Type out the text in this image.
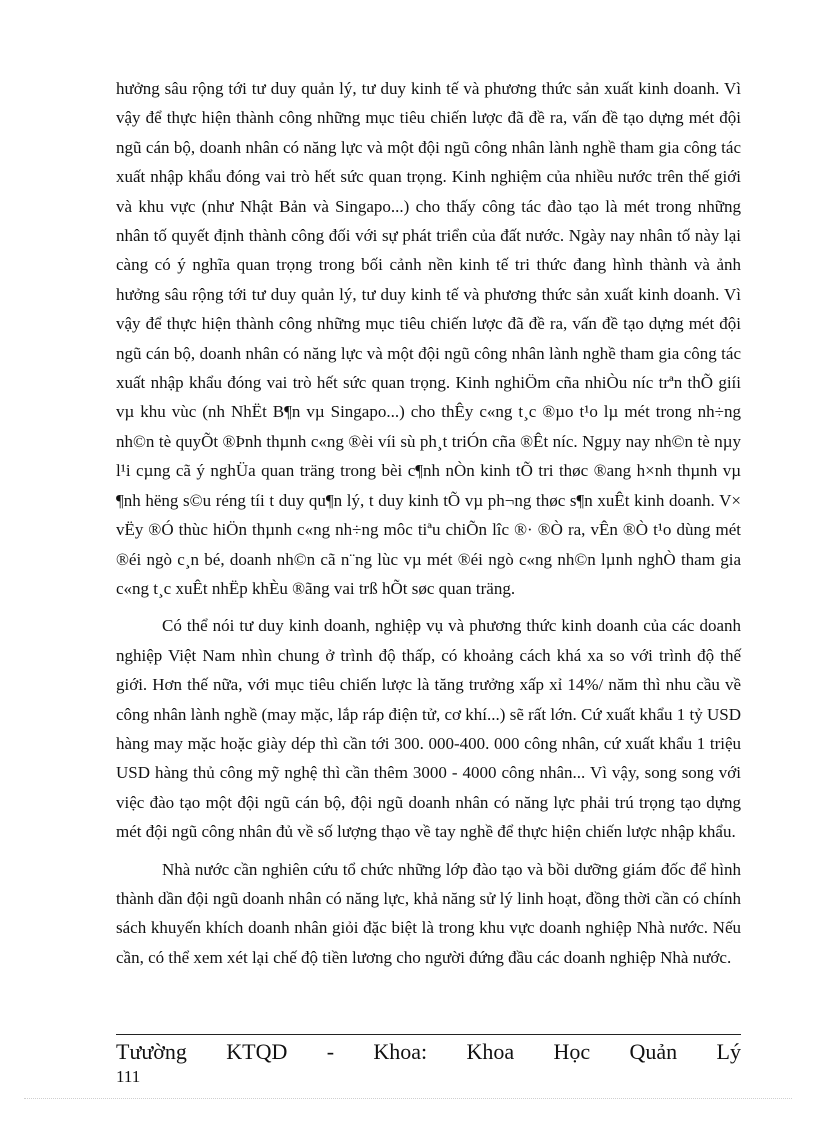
hưởng sâu rộng tới tư duy quản lý, tư duy kinh tế và phương thức sản xuất kinh doanh. Vì vậy để thực hiện thành công những mục tiêu chiến lược đã đề ra, vấn đề tạo dựng mét đội ngũ cán bộ, doanh nhân có năng lực và một đội ngũ công nhân lành nghề tham gia công tác xuất nhập khẩu đóng vai trò hết sức quan trọng. Kinh nghiệm của nhiều nước trên thế giới và khu vực (như Nhật Bản và Singapo...) cho thấy công tác đào tạo là mét trong những nhân tố quyết định thành công đối với sự phát triển của đất nước. Ngày nay nhân tố này lại càng có ý nghĩa quan trọng trong bối cảnh nền kinh tế tri thức đang hình thành và ảnh hưởng sâu rộng tới tư duy quản lý, tư duy kinh tế và phương thức sản xuất kinh doanh. Vì vậy để thực hiện thành công những mục tiêu chiến lược đã đề ra, vấn đề tạo dựng mét đội ngũ cán bộ, doanh nhân có năng lực và một đội ngũ công nhân lành nghề tham gia công tác xuất nhập khẩu đóng vai trò hết sức quan trọng. Kinh nghiÖm cña nhiÒu níc trªn thÕ giíi vµ khu vùc (nh NhËt B¶n vµ Singapo...) cho thÊy c«ng t¸c ®µo t¹o lµ mét trong nh÷ng nh©n tè quyÕt ®Þnh thµnh c«ng ®èi víi sù ph¸t triÓn cña ®Êt níc. Ngµy nay nh©n tè nµy l¹i cµng cã ý nghÜa quan träng trong bèi c¶nh nÒn kinh tÕ tri thøc ®ang h×nh thµnh vµ ¶nh hëng s©u réng tíi t duy qu¶n lý, t duy kinh tÕ vµ ph¬ng thøc s¶n xuÊt kinh doanh. V× vËy ®Ó thùc hiÖn thµnh c«ng nh÷ng môc tiªu chiÕn lîc ®· ®Ò ra, vÊn ®Ò t¹o dùng mét ®éi ngò c¸n bé, doanh nh©n cã n¨ng lùc vµ mét ®éi ngò c«ng nh©n lµnh nghÒ tham gia c«ng t¸c xuÊt nhËp khÈu ®ãng vai trß hÕt søc quan träng.

Có thể nói tư duy kinh doanh, nghiệp vụ và phương thức kinh doanh của các doanh nghiệp Việt Nam nhìn chung ở trình độ thấp, có khoảng cách khá xa so với trình độ thế giới. Hơn thế nữa, với mục tiêu chiến lược là tăng trưởng xấp xỉ 14%/ năm thì nhu cầu về công nhân lành nghề (may mặc, lắp ráp điện tử, cơ khí...) sẽ rất lớn. Cứ xuất khẩu 1 tỷ USD hàng may mặc hoặc giày dép thì cần tới 300. 000-400. 000 công nhân, cứ xuất khẩu 1 triệu USD hàng thủ công mỹ nghệ thì cần thêm 3000 - 4000 công nhân... Vì vậy, song song với việc đào tạo một đội ngũ cán bộ, đội ngũ doanh nhân có năng lực phải trú trọng tạo dựng mét đội ngũ công nhân đủ về số lượng thạo về tay nghề để thực hiện chiến lược nhập khẩu.

Nhà nước cần nghiên cứu tổ chức những lớp đào tạo và bồi dưỡng giám đốc để hình thành dần đội ngũ doanh nhân có năng lực, khả năng sử lý linh hoạt, đồng thời cần có chính sách khuyến khích doanh nhân giỏi đặc biệt là trong khu vực doanh nghiệp Nhà nước. Nếu cần, có thể xem xét lại chế độ tiền lương cho người đứng đầu các doanh nghiệp Nhà nước.

Tưường KTQD - Khoa: Khoa Học Quản Lý
111
